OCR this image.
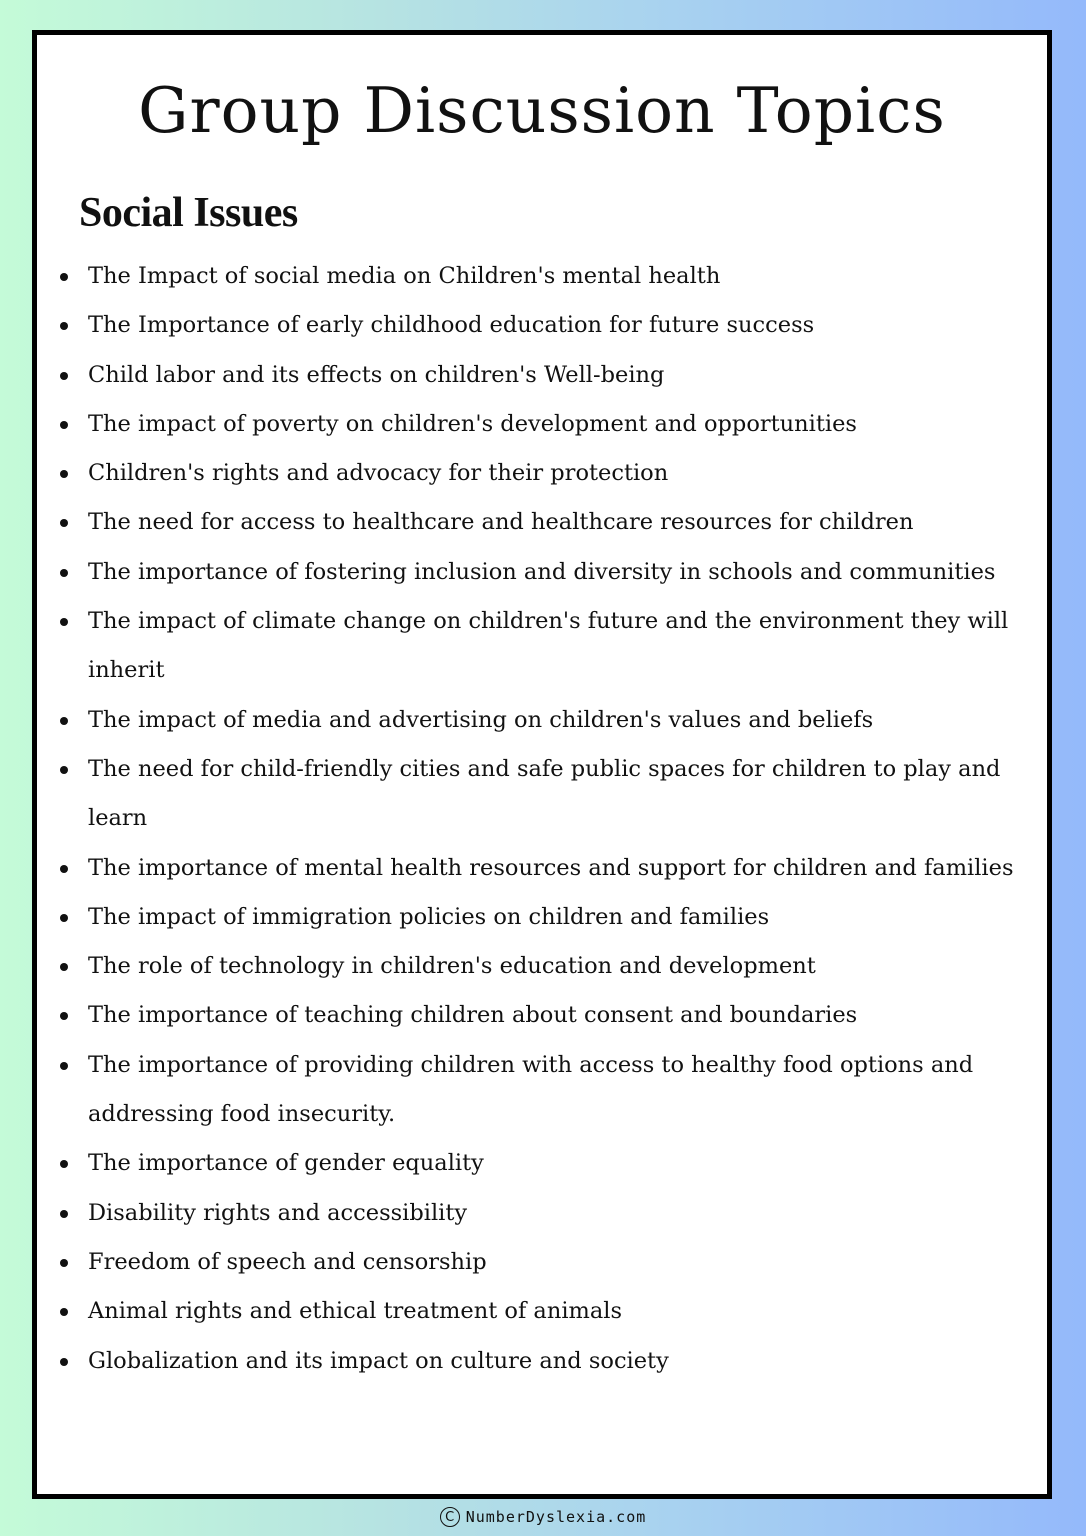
Group Discussion Topics
Social Issues
The Impact of social media on Children's mental health
The Importance of early childhood education for future success
Child labor and its effects on children's Well-being
The impact of poverty on children's development and opportunities
Children's rights and advocacy for their protection
The need for access to healthcare and healthcare resources for children
The importance of fostering inclusion and diversity in schools and communities
The impact of climate change on children's future and the environment they will inherit
The impact of media and advertising on children's values and beliefs
The need for child-friendly cities and safe public spaces for children to play and learn
The importance of mental health resources and support for children and families
The impact of immigration policies on children and families
The role of technology in children's education and development
The importance of teaching children about consent and boundaries
The importance of providing children with access to healthy food options and addressing food insecurity.
The importance of gender equality
Disability rights and accessibility
Freedom of speech and censorship
Animal rights and ethical treatment of animals
Globalization and its impact on culture and society
C NumberDyslexia.com
